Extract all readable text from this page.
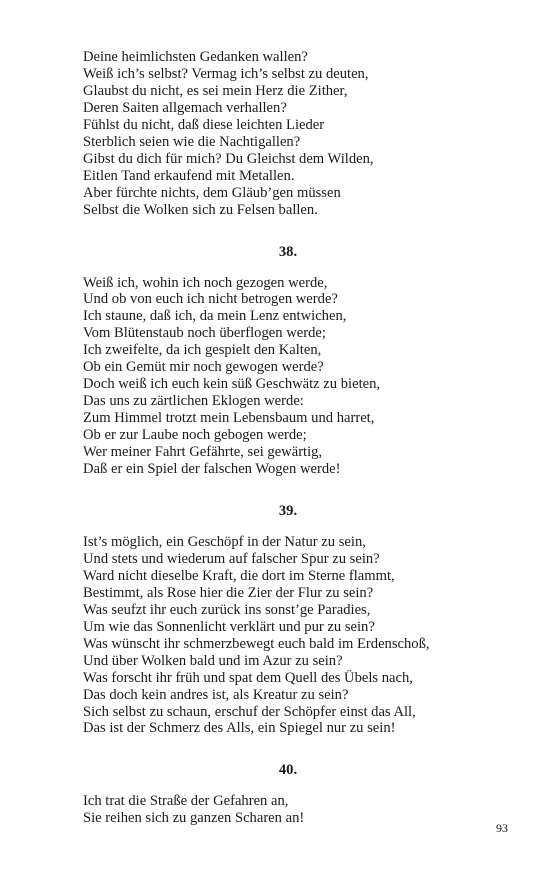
Deine heimlichsten Gedanken wallen?
Weiß ich’s selbst? Vermag ich’s selbst zu deuten,
Glaubst du nicht, es sei mein Herz die Zither,
Deren Saiten allgemach verhallen?
Fühlst du nicht, daß diese leichten Lieder
Sterblich seien wie die Nachtigallen?
Gibst du dich für mich? Du Gleichst dem Wilden,
Eitlen Tand erkaufend mit Metallen.
Aber fürchte nichts, dem Gläub’gen müssen
Selbst die Wolken sich zu Felsen ballen.
38.
Weiß ich, wohin ich noch gezogen werde,
Und ob von euch ich nicht betrogen werde?
Ich staune, daß ich, da mein Lenz entwichen,
Vom Blütenstaub noch überflogen werde;
Ich zweifelte, da ich gespielt den Kalten,
Ob ein Gemüt mir noch gewogen werde?
Doch weiß ich euch kein süß Geschwätz zu bieten,
Das uns zu zärtlichen Eklogen werde:
Zum Himmel trotzt mein Lebensbaum und harret,
Ob er zur Laube noch gebogen werde;
Wer meiner Fahrt Gefährte, sei gewärtig,
Daß er ein Spiel der falschen Wogen werde!
39.
Ist’s möglich, ein Geschöpf in der Natur zu sein,
Und stets und wiederum auf falscher Spur zu sein?
Ward nicht dieselbe Kraft, die dort im Sterne flammt,
Bestimmt, als Rose hier die Zier der Flur zu sein?
Was seufzt ihr euch zurück ins sonst’ge Paradies,
Um wie das Sonnenlicht verklärt und pur zu sein?
Was wünscht ihr schmerzbewegt euch bald im Erdenschoß,
Und über Wolken bald und im Azur zu sein?
Was forscht ihr früh und spat dem Quell des Übels nach,
Das doch kein andres ist, als Kreatur zu sein?
Sich selbst zu schaun, erschuf der Schöpfer einst das All,
Das ist der Schmerz des Alls, ein Spiegel nur zu sein!
40.
Ich trat die Straße der Gefahren an,
Sie reihen sich zu ganzen Scharen an!
93
